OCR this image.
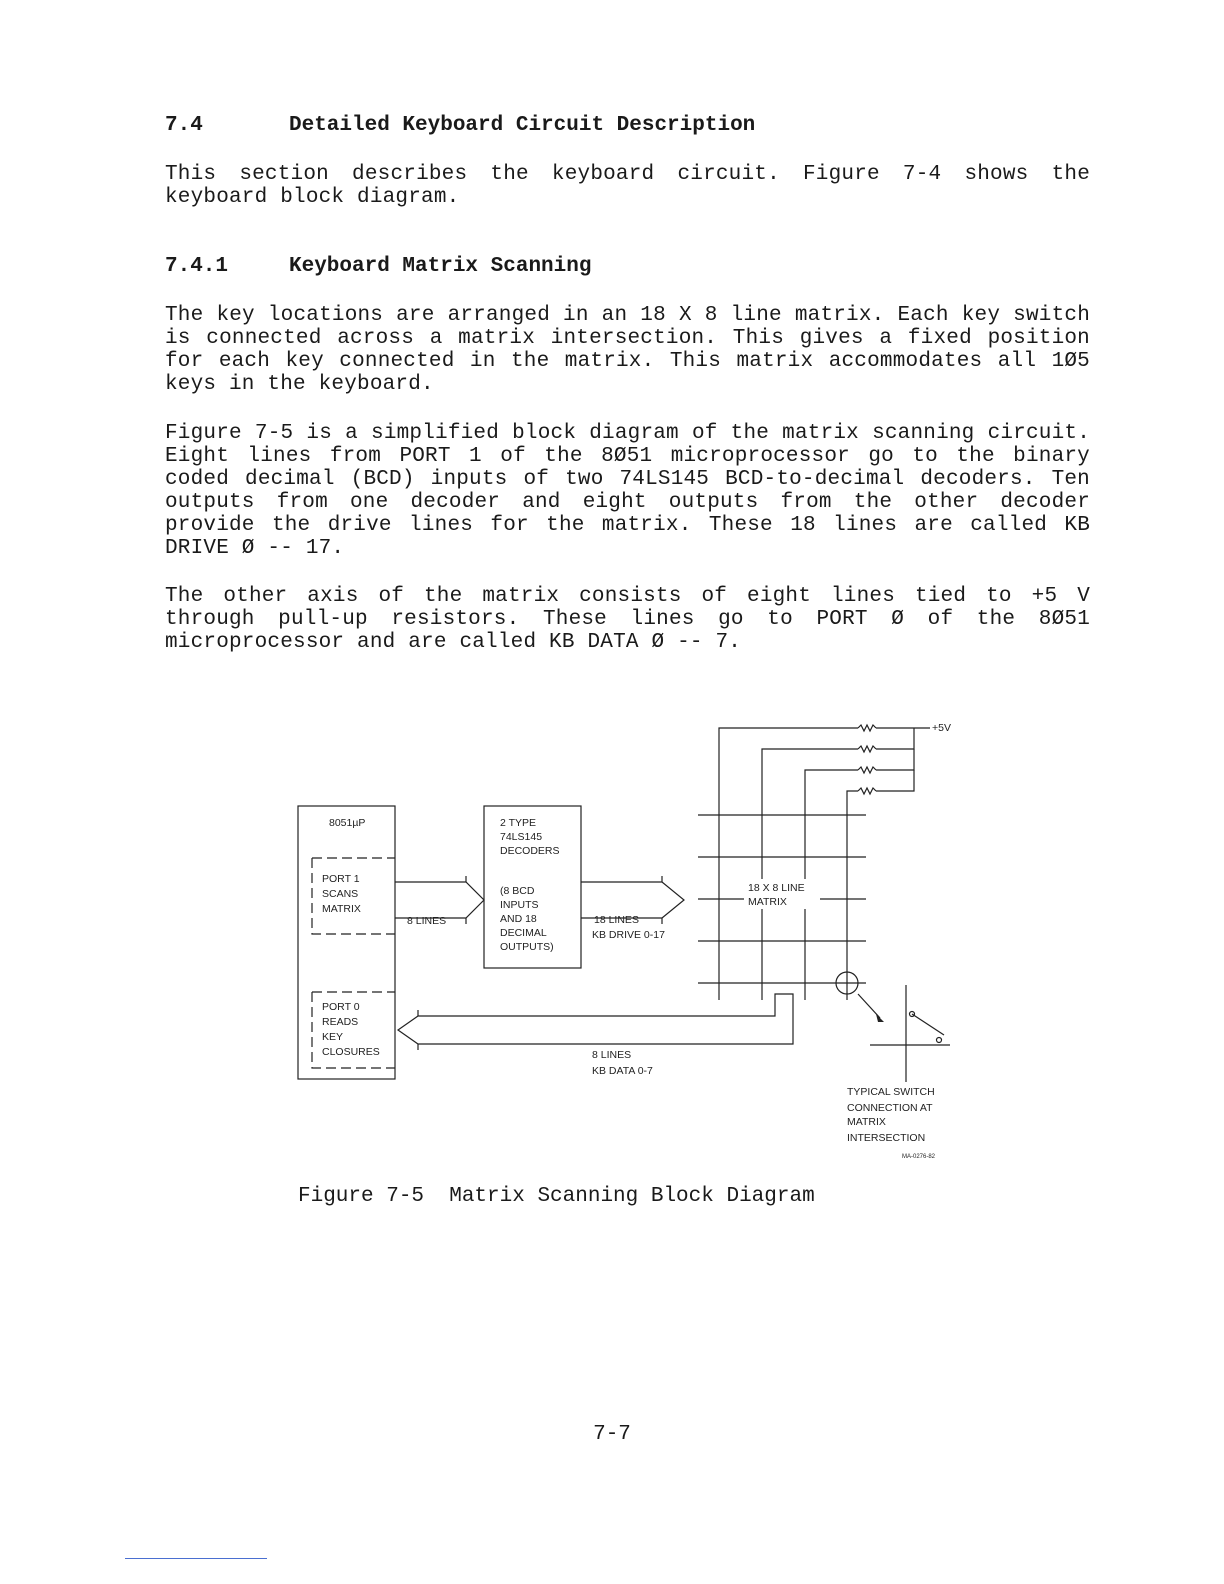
7.4	Detailed Keyboard Circuit Description

This section describes the keyboard circuit. Figure 7-4 shows the keyboard block diagram.

7.4.1	Keyboard Matrix Scanning

The key locations are arranged in an 18 X 8 line matrix. Each key switch is connected across a matrix intersection. This gives a fixed position for each key connected in the matrix. This matrix accommodates all 1Ø5 keys in the keyboard.

Figure 7-5 is a simplified block diagram of the matrix scanning circuit. Eight lines from PORT 1 of the 8Ø51 microprocessor go to the binary coded decimal (BCD) inputs of two 74LS145 BCD-to-decimal decoders. Ten outputs from one decoder and eight outputs from the other decoder provide the drive lines for the matrix. These 18 lines are called KB DRIVE Ø -- 17.

The other axis of the matrix consists of eight lines tied to +5 V through pull-up resistors. These lines go to PORT Ø of the 8Ø51 microprocessor and are called KB DATA Ø -- 7.

+5V
8051µP
PORT 1
SCANS
MATRIX
PORT 0
READS
KEY
CLOSURES
2 TYPE
74LS145
DECODERS
(8 BCD
INPUTS
AND 18
DECIMAL
OUTPUTS)
8 LINES	18 LINES
KB DRIVE 0-17
18 X 8 LINE
MATRIX
8 LINES
KB DATA 0-7
TYPICAL SWITCH
CONNECTION AT
MATRIX
INTERSECTION
MA-0276-82

Figure 7-5  Matrix Scanning Block Diagram

7-7
